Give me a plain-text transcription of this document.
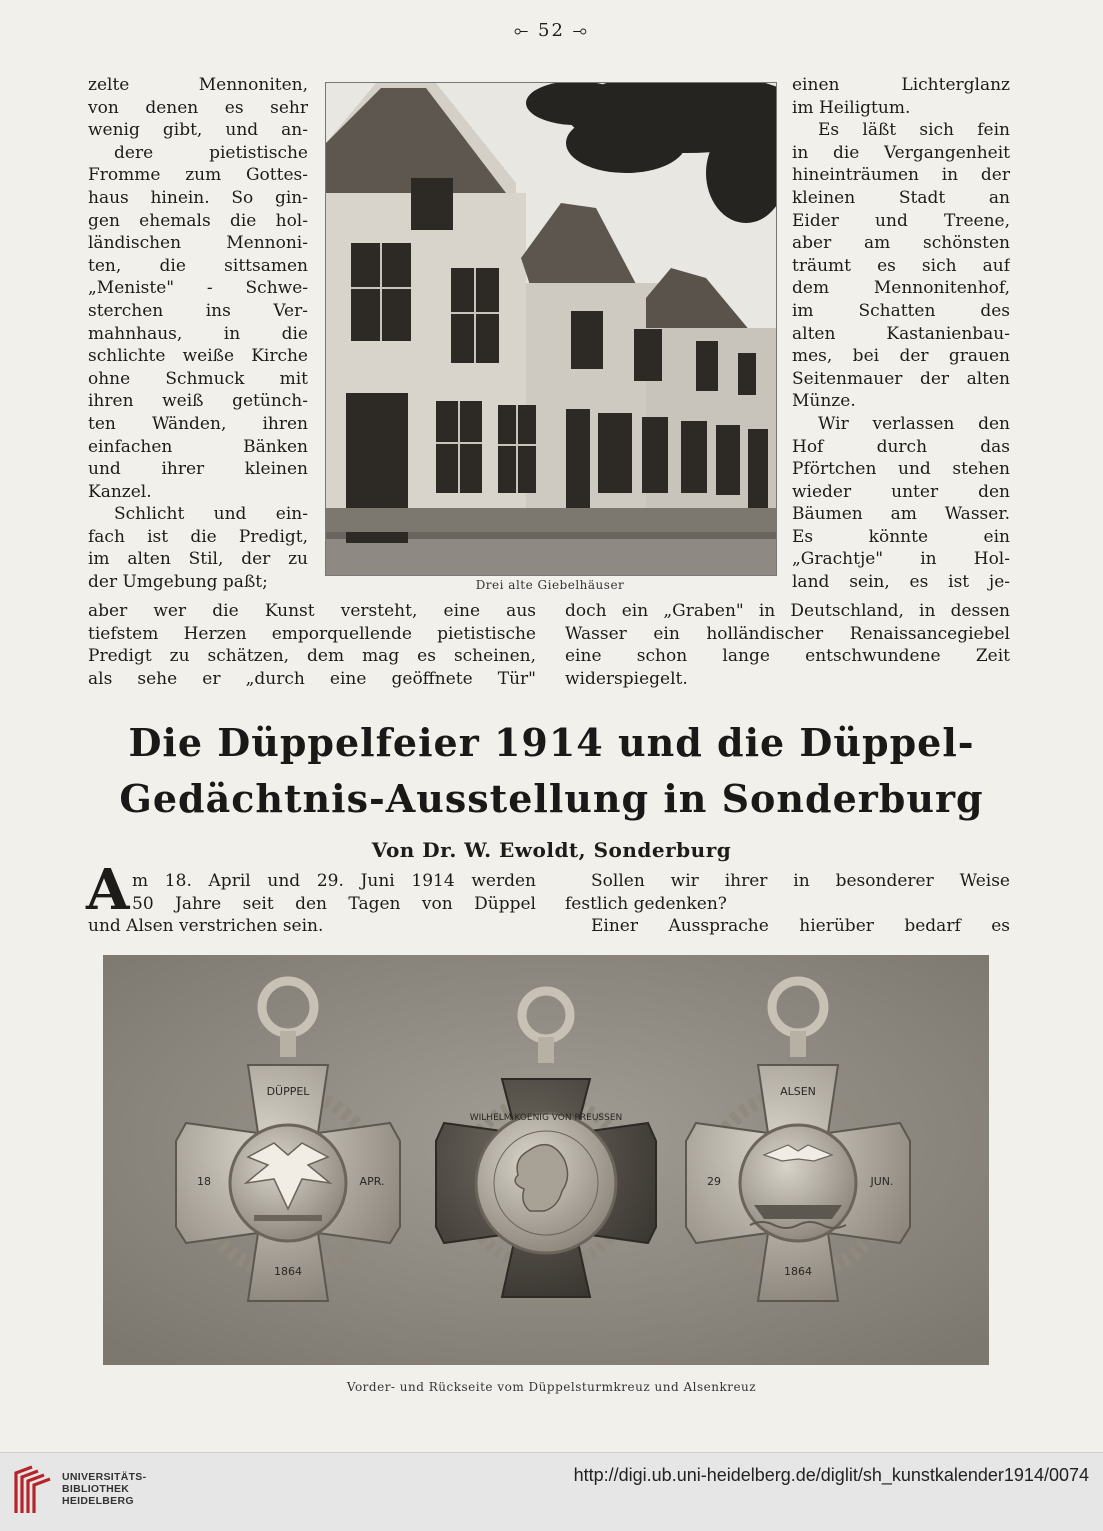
⟜ 52 ⊸
zelte Mennoniten,
von denen es sehr
wenig gibt, und an-
dere pietistische
Fromme zum Gottes-
haus hinein. So gin-
gen ehemals die hol-
ländischen Mennoni-
ten, die sittsamen
„Meniste" - Schwe-
sterchen ins Ver-
mahnhaus, in die
schlichte weiße Kirche
ohne Schmuck mit
ihren weiß getünch-
ten Wänden, ihren
einfachen Bänken
und ihrer kleinen
Kanzel.
Schlicht und ein-
fach ist die Predigt,
im alten Stil, der zu
der Umgebung paßt;	Drei alte Giebelhäuser
einen Lichterglanz
im Heiligtum.
Es läßt sich fein
in die Vergangenheit
hineinträumen in der
kleinen Stadt an
Eider und Treene,
aber am schönsten
träumt es sich auf
dem Mennonitenhof,
im Schatten des
alten Kastanienbau-
mes, bei der grauen
Seitenmauer der alten
Münze.
Wir verlassen den
Hof durch das
Pförtchen und stehen
wieder unter den
Bäumen am Wasser.
Es könnte ein
„Grachtje" in Hol-
land sein, es ist je-
aber wer die Kunst versteht, eine aus
tiefstem Herzen emporquellende pietistische
Predigt zu schätzen, dem mag es scheinen,
als sehe er „durch eine geöffnete Tür"
doch ein „Graben" in Deutschland, in dessen
Wasser ein holländischer Renaissancegiebel
eine schon lange entschwundene Zeit
widerspiegelt.
Die Düppelfeier 1914 und die Düppel-
Gedächtnis-Ausstellung in Sonderburg
Von Dr. W. Ewoldt, Sonderburg
A m 18. April und 29. Juni 1914 werden
50 Jahre seit den Tagen von Düppel
und Alsen verstrichen sein.
Sollen wir ihrer in besonderer Weise
festlich gedenken?
Einer Aussprache hierüber bedarf es
DÜPPEL
18	APR.
1864
WILHELM KOENIG VON PREUSSEN
ALSEN
29	JUN.
1864
Vorder- und Rückseite vom Düppelsturmkreuz und Alsenkreuz
UNIVERSITÄTS-
BIBLIOTHEK
HEIDELBERG
http://digi.ub.uni-heidelberg.de/diglit/sh_kunstkalender1914/0074
